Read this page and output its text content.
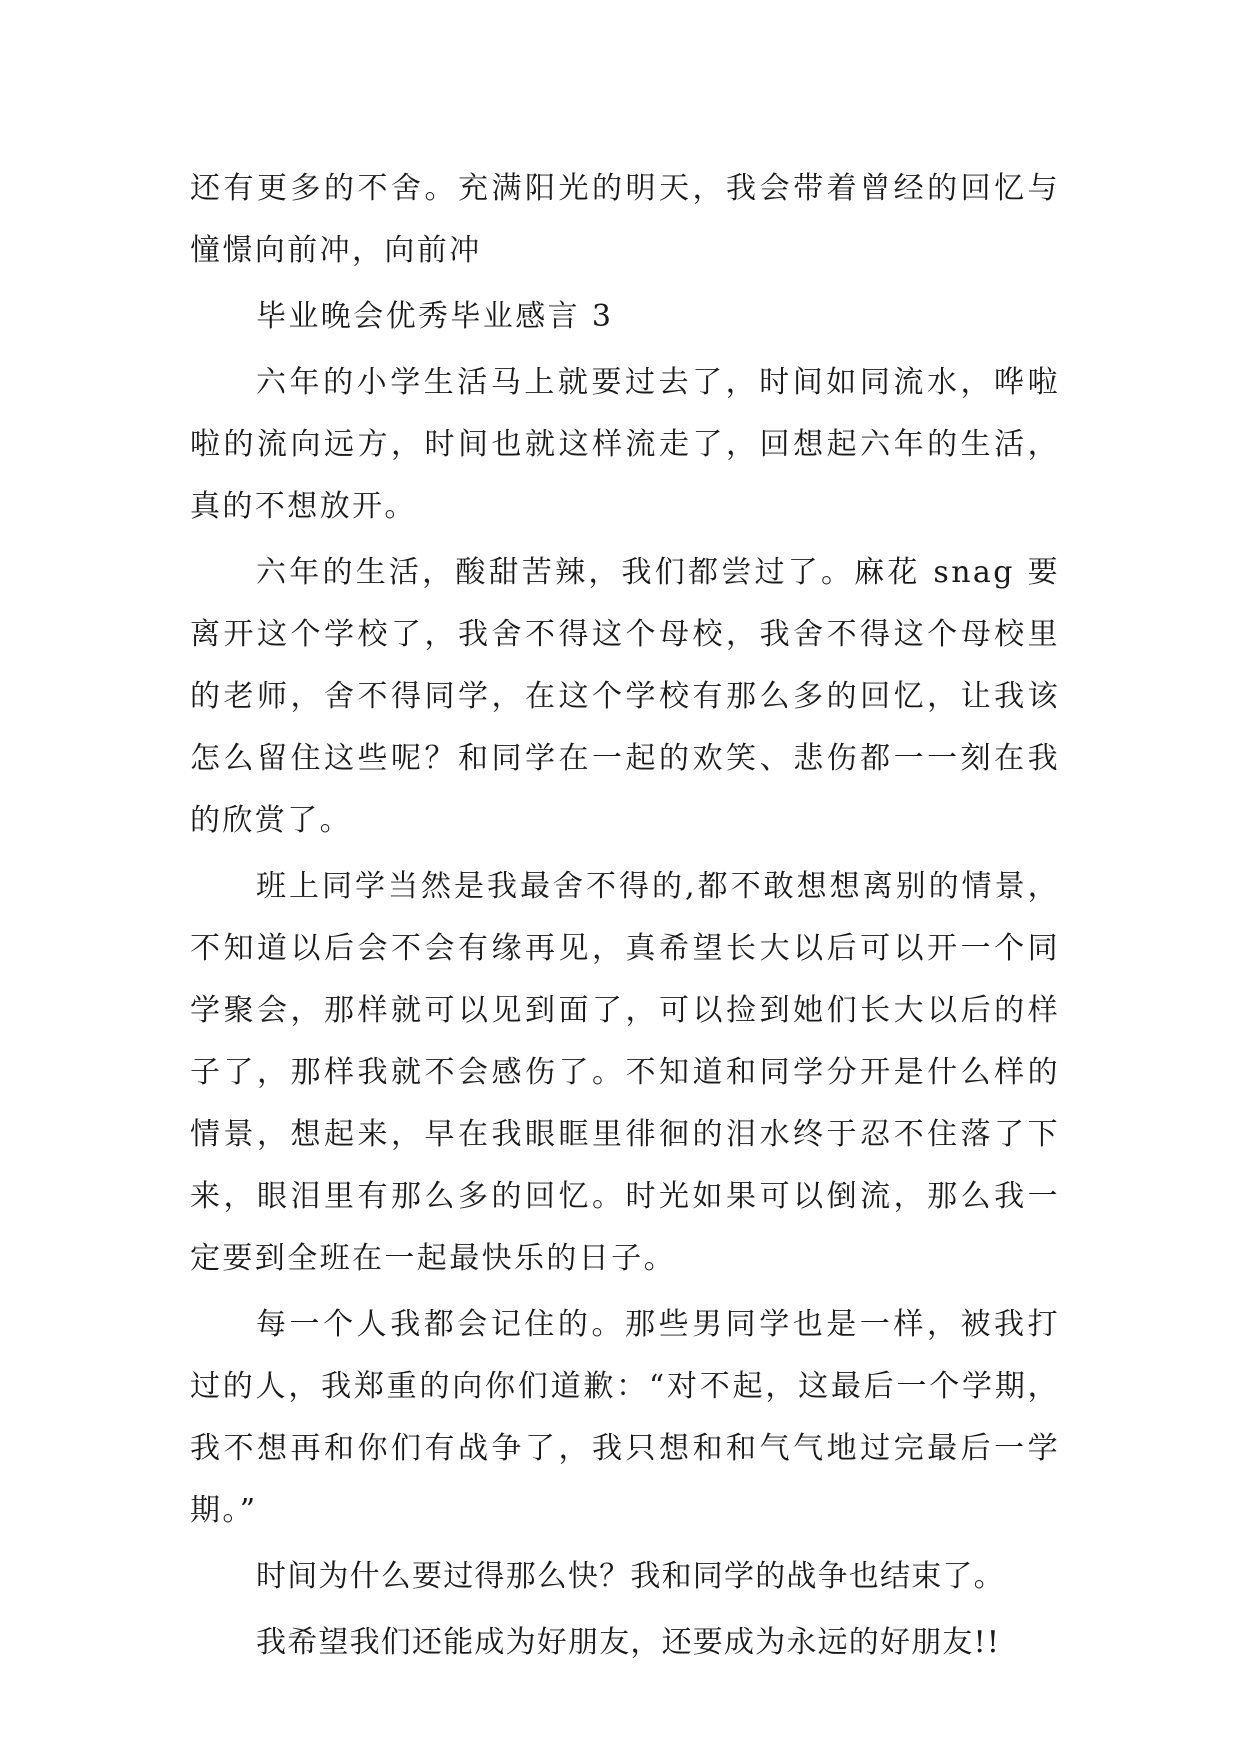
还有更多的不舍。充满阳光的明天，我会带着曾经的回忆与憧憬向前冲，向前冲

毕业晚会优秀毕业感言 3

六年的小学生活马上就要过去了，时间如同流水，哗啦啦的流向远方，时间也就这样流走了，回想起六年的生活，真的不想放开。

六年的生活，酸甜苦辣，我们都尝过了。麻花 snag 要离开这个学校了，我舍不得这个母校，我舍不得这个母校里的老师，舍不得同学，在这个学校有那么多的回忆，让我该怎么留住这些呢？和同学在一起的欢笑、悲伤都一一刻在我的欣赏了。

班上同学当然是我最舍不得的,都不敢想想离别的情景，不知道以后会不会有缘再见，真希望长大以后可以开一个同学聚会，那样就可以见到面了，可以捡到她们长大以后的样子了，那样我就不会感伤了。不知道和同学分开是什么样的情景，想起来，早在我眼眶里徘徊的泪水终于忍不住落了下来，眼泪里有那么多的回忆。时光如果可以倒流，那么我一定要到全班在一起最快乐的日子。

每一个人我都会记住的。那些男同学也是一样，被我打过的人，我郑重的向你们道歉：“对不起，这最后一个学期，我不想再和你们有战争了，我只想和和气气地过完最后一学期。”

时间为什么要过得那么快？我和同学的战争也结束了。

我希望我们还能成为好朋友，还要成为永远的好朋友!!
